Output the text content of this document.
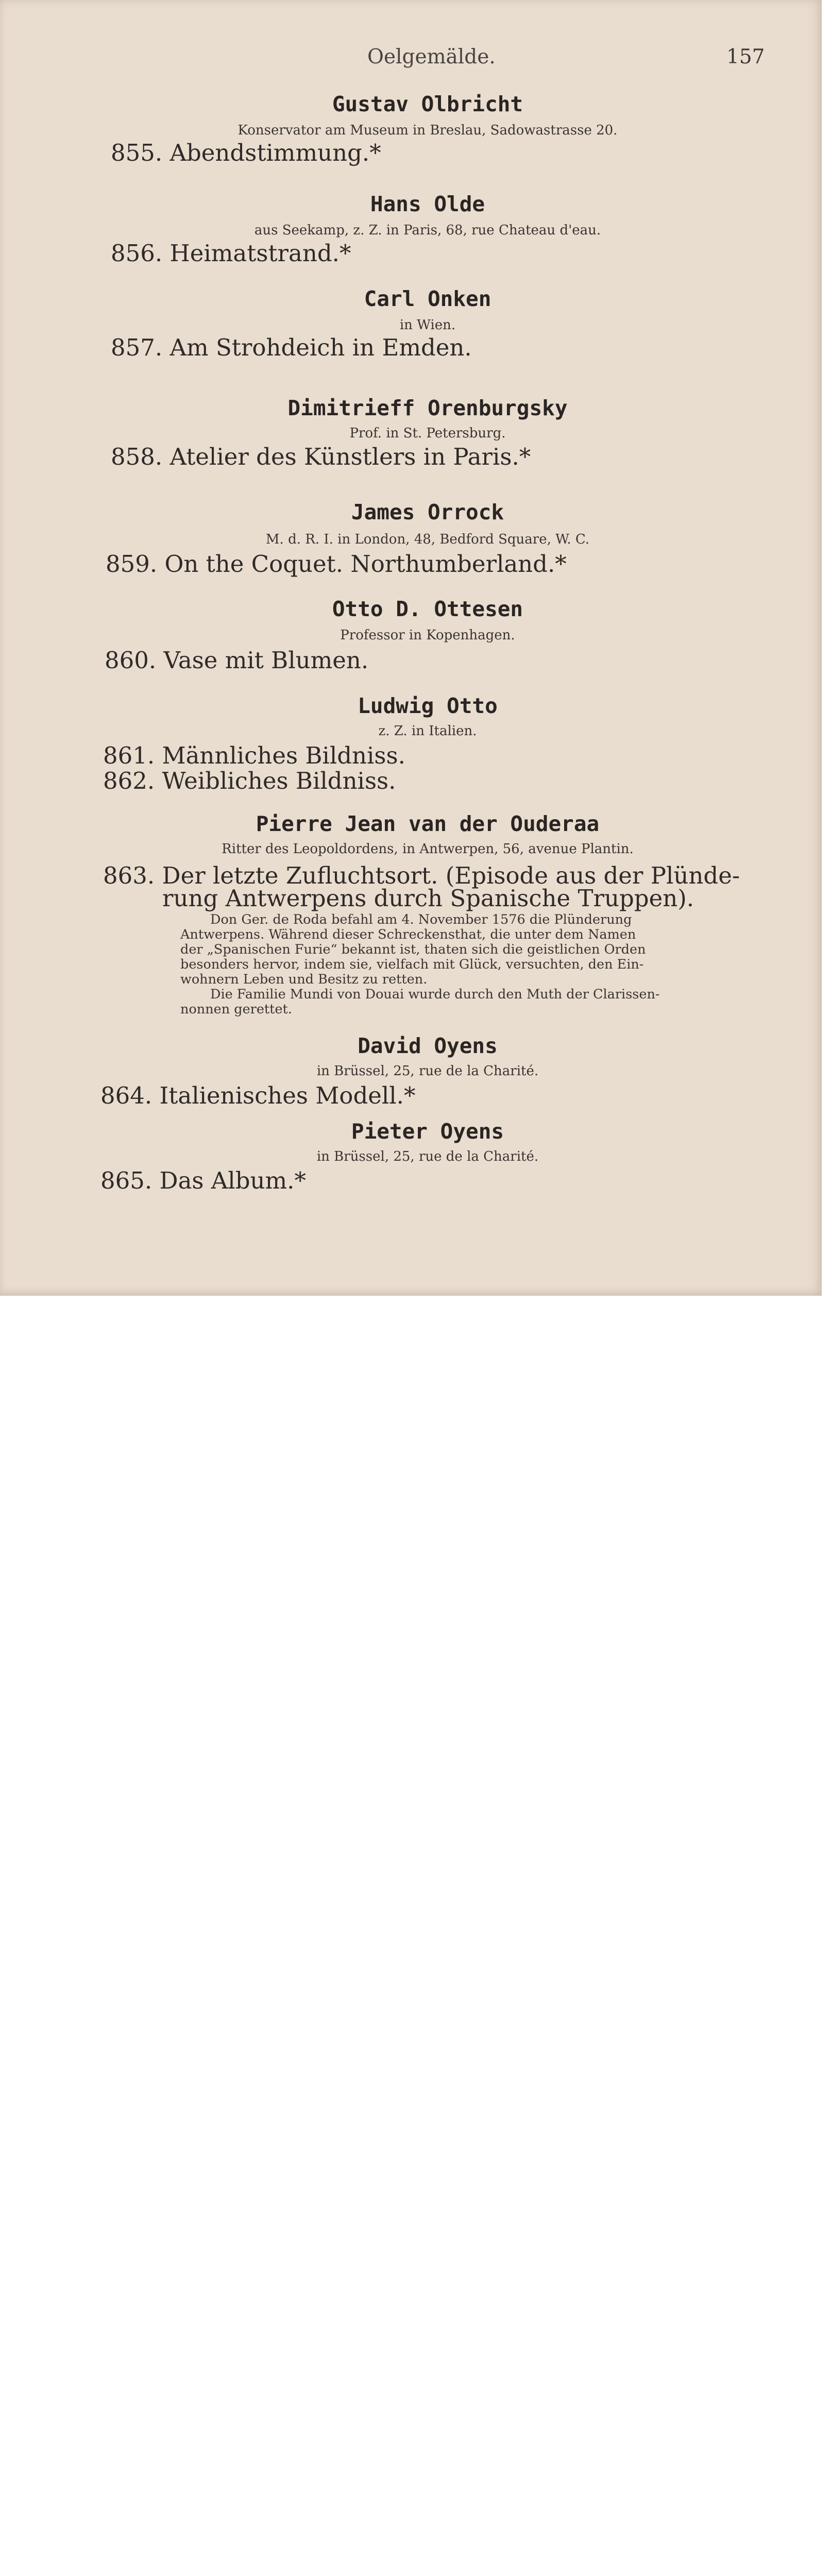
Oelgemälde.	157
Gustav Olbricht
Konservator am Museum in Breslau, Sadowastrasse 20.
855. Abendstimmung.*
Hans Olde
aus Seekamp, z. Z. in Paris, 68, rue Chateau d'eau.
856. Heimatstrand.*
Carl Onken
in Wien.
857. Am Strohdeich in Emden.
Dimitrieff Orenburgsky
Prof. in St. Petersburg.
858. Atelier des Künstlers in Paris.*
James Orrock
M. d. R. I. in London, 48, Bedford Square, W. C.
859. On the Coquet. Northumberland.*
Otto D. Ottesen
Professor in Kopenhagen.
860. Vase mit Blumen.
Ludwig Otto
z. Z. in Italien.
861. Männliches Bildniss.
862. Weibliches Bildniss.
Pierre Jean van der Ouderaa
Ritter des Leopoldordens, in Antwerpen, 56, avenue Plantin.
863. Der letzte Zufluchtsort. (Episode aus der Plünde-
rung Antwerpens durch Spanische Truppen).
Don Ger. de Roda befahl am 4. November 1576 die Plünderung
Antwerpens. Während dieser Schreckensthat, die unter dem Namen
der „Spanischen Furie“ bekannt ist, thaten sich die geistlichen Orden
besonders hervor, indem sie, vielfach mit Glück, versuchten, den Ein-
wohnern Leben und Besitz zu retten.
Die Familie Mundi von Douai wurde durch den Muth der Clarissen-
nonnen gerettet.
David Oyens
in Brüssel, 25, rue de la Charité.
864. Italienisches Modell.*
Pieter Oyens
in Brüssel, 25, rue de la Charité.
865. Das Album.*
